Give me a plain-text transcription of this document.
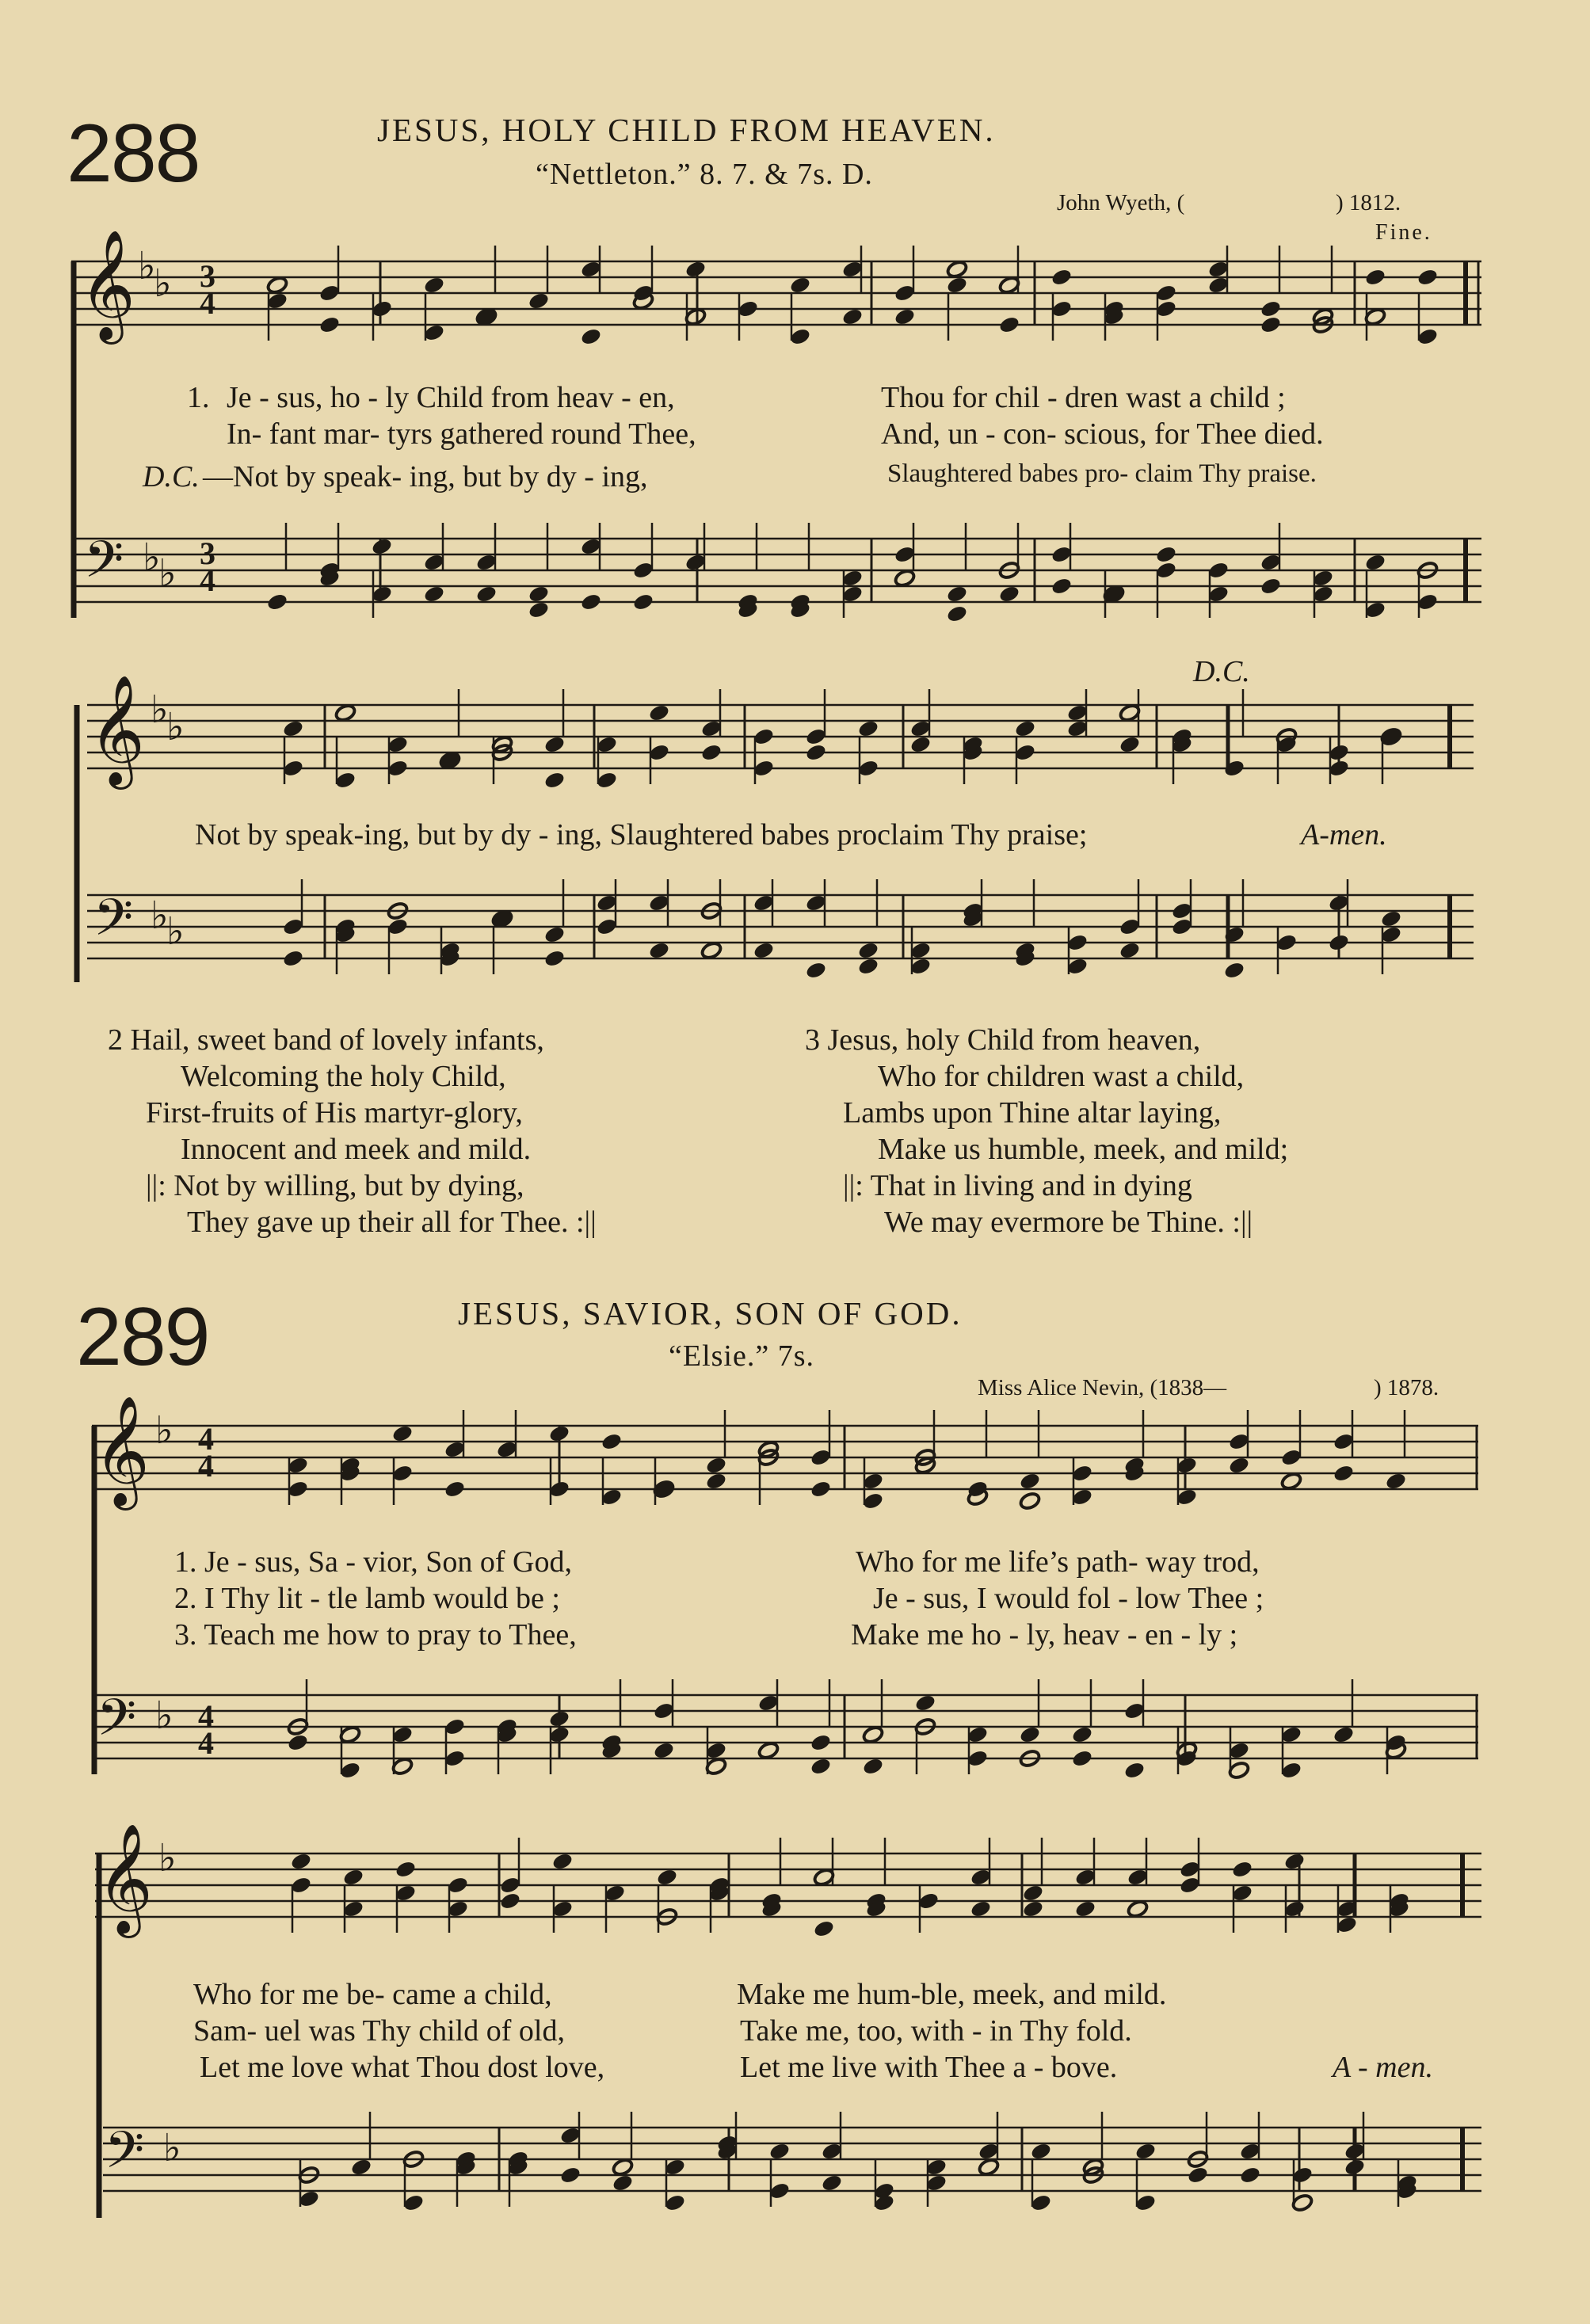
288	JESUS, HOLY CHILD FROM HEAVEN.
“Nettleton.” 8. 7. & 7s. D.
John Wyeth, (	) 1812.
Fine.
𝄞 ♭
♭ 3
4
1. Je - sus, ho - ly Child from heav - en,	Thou for chil - dren wast a child ;
In- fant mar- tyrs gathered round Thee,	And, un - con- scious, for Thee died.
D.C. —Not by speak- ing, but by dy - ing,	Slaughtered babes pro- claim Thy praise.
𝄢 ♭
♭ 3
4
D.C.
𝄞 ♭
♭
Not by speak-ing, but by dy - ing, Slaughtered babes proclaim Thy praise;	A-men.
𝄢 ♭
♭
2 Hail, sweet band of lovely infants,
Welcoming the holy Child,
First-fruits of His martyr-glory,
Innocent and meek and mild.
||: Not by willing, but by dying,
They gave up their all for Thee. :||
3 Jesus, holy Child from heaven,
Who for children wast a child,
Lambs upon Thine altar laying,
Make us humble, meek, and mild;
||: That in living and in dying
We may evermore be Thine. :||
289	JESUS, SAVIOR, SON OF GOD.
“Elsie.” 7s.
Miss Alice Nevin, (1838—	) 1878.
𝄞 ♭ 4
4
1. Je - sus, Sa - vior, Son of God,	Who for me life’s path- way trod,
2. I Thy lit - tle lamb would be ;	Je - sus, I would fol - low Thee ;
3. Teach me how to pray to Thee,	Make me ho - ly, heav - en - ly ;
𝄢 ♭ 4
4
𝄞 ♭
Who for me be- came a child,	Make me hum-ble, meek, and mild.
Sam- uel was Thy child of old,	Take me, too, with - in Thy fold.
Let me love what Thou dost love,	Let me live with Thee a - bove.	A - men.
𝄢 ♭
